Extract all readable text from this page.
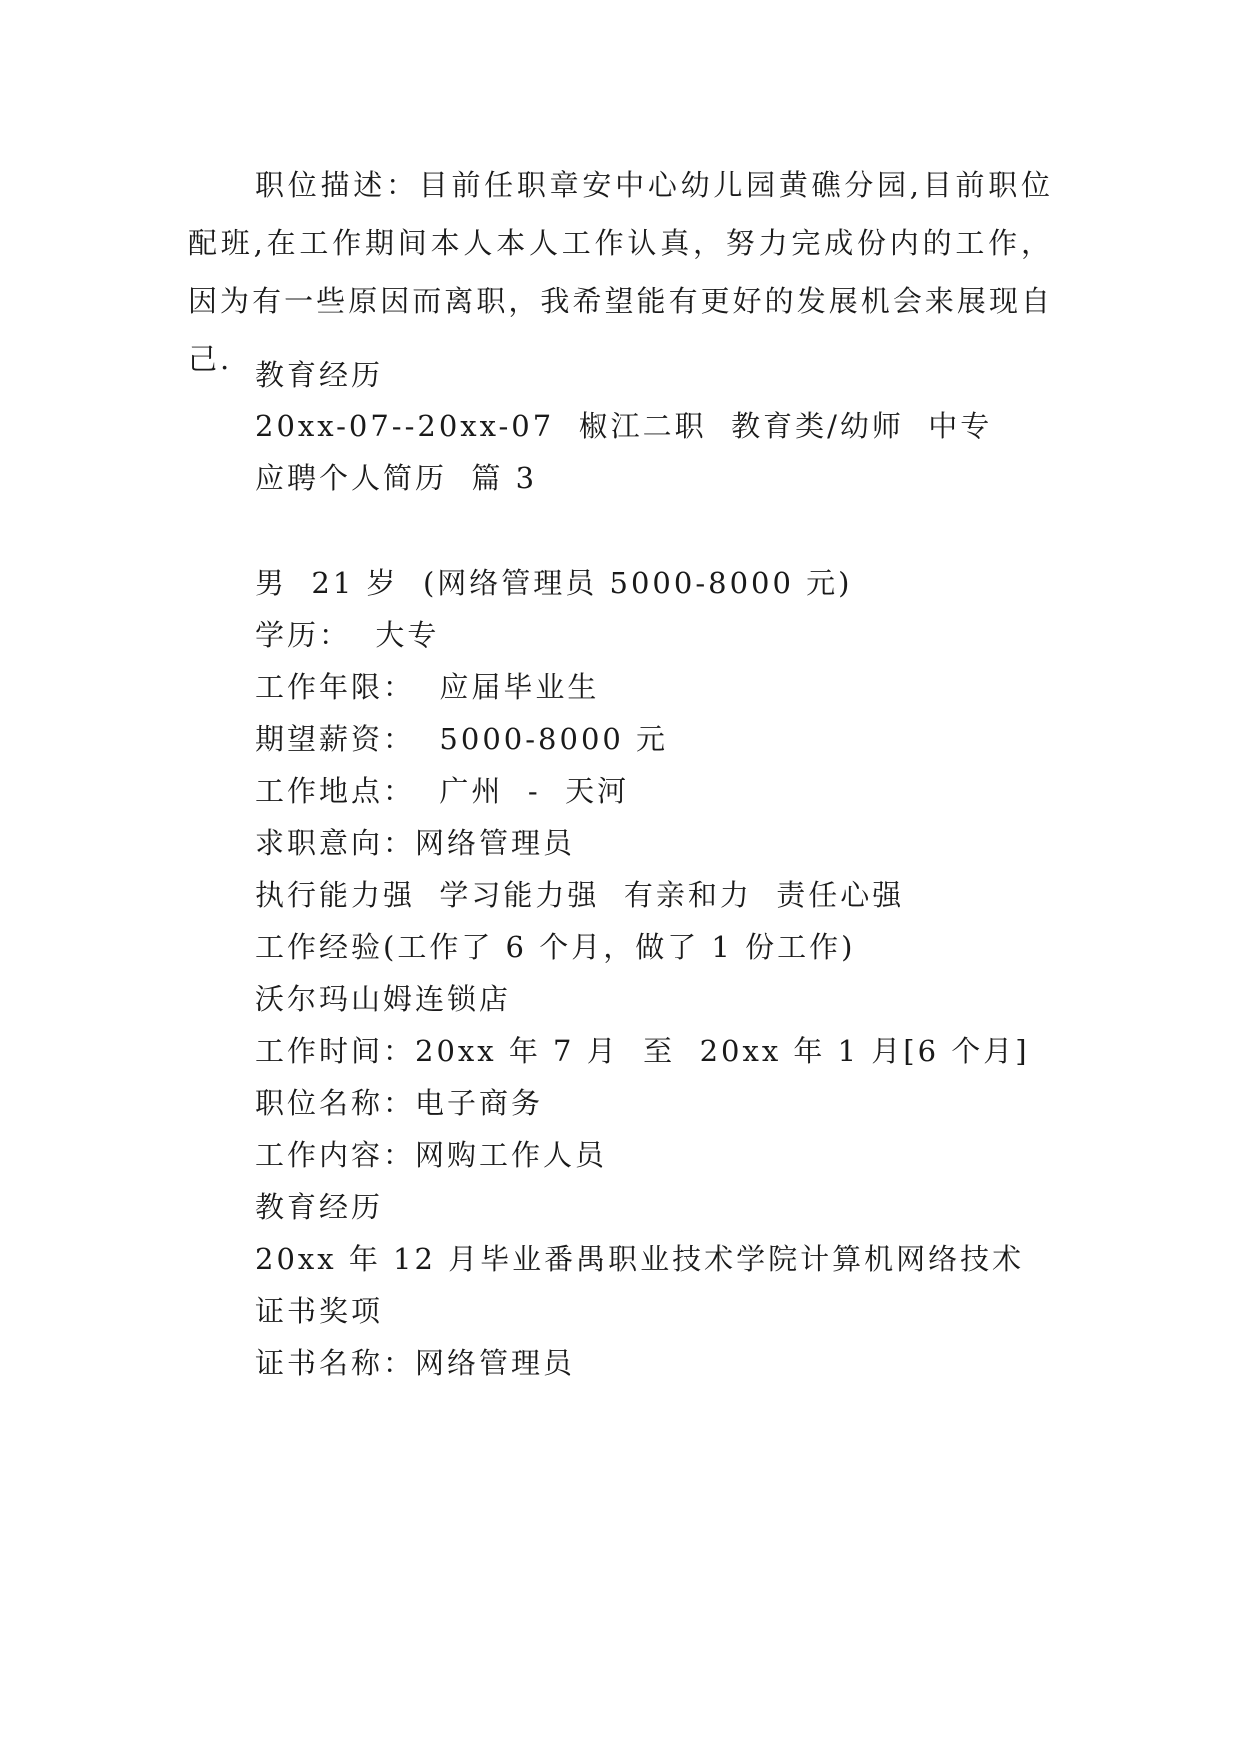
职位描述：目前任职章安中心幼儿园黄礁分园,目前职位配班,在工作期间本人本人工作认真，努力完成份内的工作，因为有一些原因而离职，我希望能有更好的发展机会来展现自己. 教育经历
20xx-07--20xx-07  椒江二职  教育类/幼师  中专
应聘个人简历  篇 3
男  21 岁  (网络管理员 5000-8000 元)
学历：  大专
工作年限：  应届毕业生
期望薪资：  5000-8000 元
工作地点：  广州  -  天河
求职意向：网络管理员
执行能力强  学习能力强  有亲和力  责任心强
工作经验(工作了 6 个月，做了 1 份工作)
沃尔玛山姆连锁店
工作时间：20xx 年 7 月  至  20xx 年 1 月[6 个月]
职位名称：电子商务
工作内容：网购工作人员
教育经历
20xx 年 12 月毕业番禺职业技术学院计算机网络技术
证书奖项
证书名称：网络管理员
